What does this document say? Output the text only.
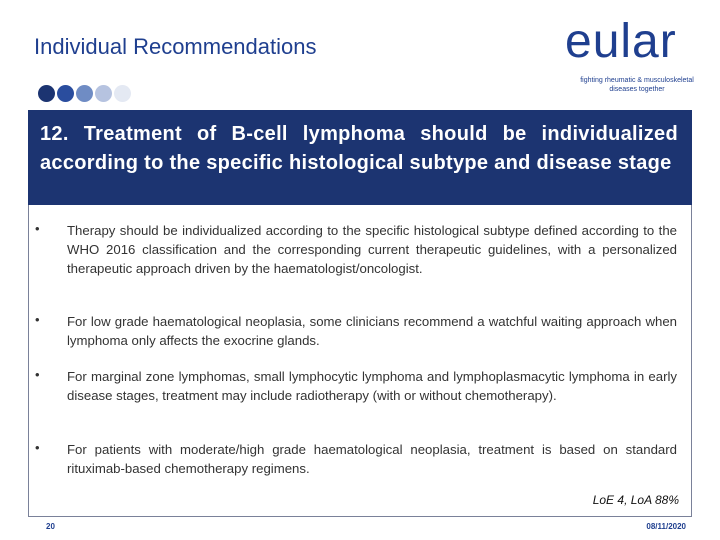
Individual Recommendations	eular
fighting rheumatic & musculoskeletal diseases together
12. Treatment of B-cell lymphoma should be individualized according to the specific histological subtype and disease stage
• Therapy should be individualized according to the specific histological subtype defined according to the WHO 2016 classification and the corresponding current therapeutic guidelines, with a personalized therapeutic approach driven by the haematologist/oncologist.

• For low grade haematological neoplasia, some clinicians recommend a watchful waiting approach when lymphoma only affects the exocrine glands.

• For marginal zone lymphomas, small lymphocytic lymphoma and lymphoplasmacytic lymphoma in early disease stages, treatment may include radiotherapy (with or without chemotherapy).

• For patients with moderate/high grade haematological neoplasia, treatment is based on standard rituximab-based chemotherapy regimens.

LoE 4, LoA 88%
20	08/11/2020
